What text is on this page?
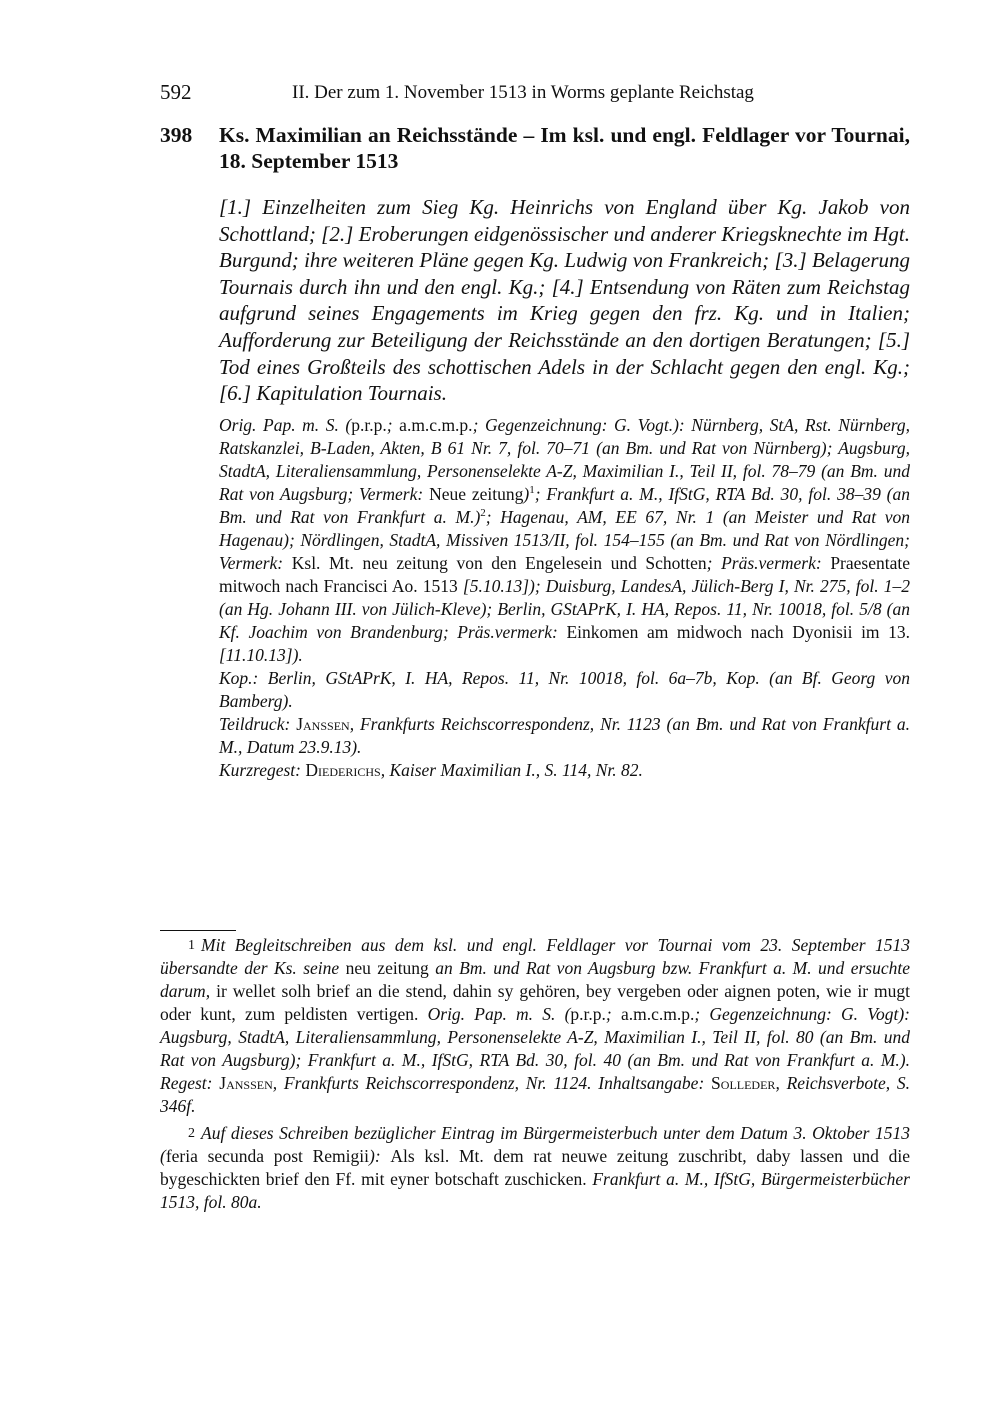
592	II. Der zum 1. November 1513 in Worms geplante Reichstag
398 Ks. Maximilian an Reichsstände – Im ksl. und engl. Feldlager vor Tournai, 18. September 1513

[1.] Einzelheiten zum Sieg Kg. Heinrichs von England über Kg. Jakob von Schottland; [2.] Eroberungen eidgenössischer und anderer Kriegsknechte im Hgt. Burgund; ihre weiteren Pläne gegen Kg. Ludwig von Frankreich; [3.] Belagerung Tournais durch ihn und den engl. Kg.; [4.] Entsendung von Räten zum Reichstag aufgrund seines Engagements im Krieg gegen den frz. Kg. und in Italien; Aufforderung zur Beteiligung der Reichsstände an den dortigen Beratungen; [5.] Tod eines Großteils des schottischen Adels in der Schlacht gegen den engl. Kg.; [6.] Kapitulation Tournais.

Orig. Pap. m. S. (p.r.p.; a.m.c.m.p.; Gegenzeichnung: G. Vogt.): Nürnberg, StA, Rst. Nürnberg, Ratskanzlei, B-Laden, Akten, B 61 Nr. 7, fol. 70–71 (an Bm. und Rat von Nürnberg); Augsburg, StadtA, Literaliensammlung, Personenselekte A-Z, Maximilian I., Teil II, fol. 78–79 (an Bm. und Rat von Augsburg; Vermerk: Neue zeitung)$^1$; Frankfurt a. M., IfStG, RTA Bd. 30, fol. 38–39 (an Bm. und Rat von Frankfurt a. M.)$^2$; Hagenau, AM, EE 67, Nr. 1 (an Meister und Rat von Hagenau); Nördlingen, StadtA, Missiven 1513/II, fol. 154–155 (an Bm. und Rat von Nördlingen; Vermerk: Ksl. Mt. neu zeitung von den Engelesein und Schotten; Präs.vermerk: Praesentate mitwoch nach Francisci Ao. 1513 [5.10.13]); Duisburg, LandesA, Jülich-Berg I, Nr. 275, fol. 1–2 (an Hg. Johann III. von Jülich-Kleve); Berlin, GStAPrK, I. HA, Repos. 11, Nr. 10018, fol. 5/8 (an Kf. Joachim von Brandenburg; Präs.vermerk: Einkomen am midwoch nach Dyonisii im 13. [11.10.13]).

Kop.: Berlin, GStAPrK, I. HA, Repos. 11, Nr. 10018, fol. 6a–7b, Kop. (an Bf. Georg von Bamberg).

Teildruck: Janssen, Frankfurts Reichscorrespondenz, Nr. 1123 (an Bm. und Rat von Frankfurt a. M., Datum 23.9.13).

Kurzregest: Diederichs, Kaiser Maximilian I., S. 114, Nr. 82.

1 Mit Begleitschreiben aus dem ksl. und engl. Feldlager vor Tournai vom 23. September 1513 übersandte der Ks. seine neu zeitung an Bm. und Rat von Augsburg bzw. Frankfurt a. M. und ersuchte darum, ir wellet solh brief an die stend, dahin sy gehören, bey vergeben oder aignen poten, wie ir mugt oder kunt, zum peldisten vertigen. Orig. Pap. m. S. (p.r.p.; a.m.c.m.p.; Gegenzeichnung: G. Vogt): Augsburg, StadtA, Literaliensammlung, Personenselekte A-Z, Maximilian I., Teil II, fol. 80 (an Bm. und Rat von Augsburg); Frankfurt a. M., IfStG, RTA Bd. 30, fol. 40 (an Bm. und Rat von Frankfurt a. M.). Regest: Janssen, Frankfurts Reichscorrespondenz, Nr. 1124. Inhaltsangabe: Solleder, Reichsverbote, S. 346f.

2 Auf dieses Schreiben bezüglicher Eintrag im Bürgermeisterbuch unter dem Datum 3. Oktober 1513 (feria secunda post Remigii): Als ksl. Mt. dem rat neuwe zeitung zuschribt, daby lassen und die bygeschickten brief den Ff. mit eyner botschaft zuschicken. Frankfurt a. M., IfStG, Bürgermeisterbücher 1513, fol. 80a.
